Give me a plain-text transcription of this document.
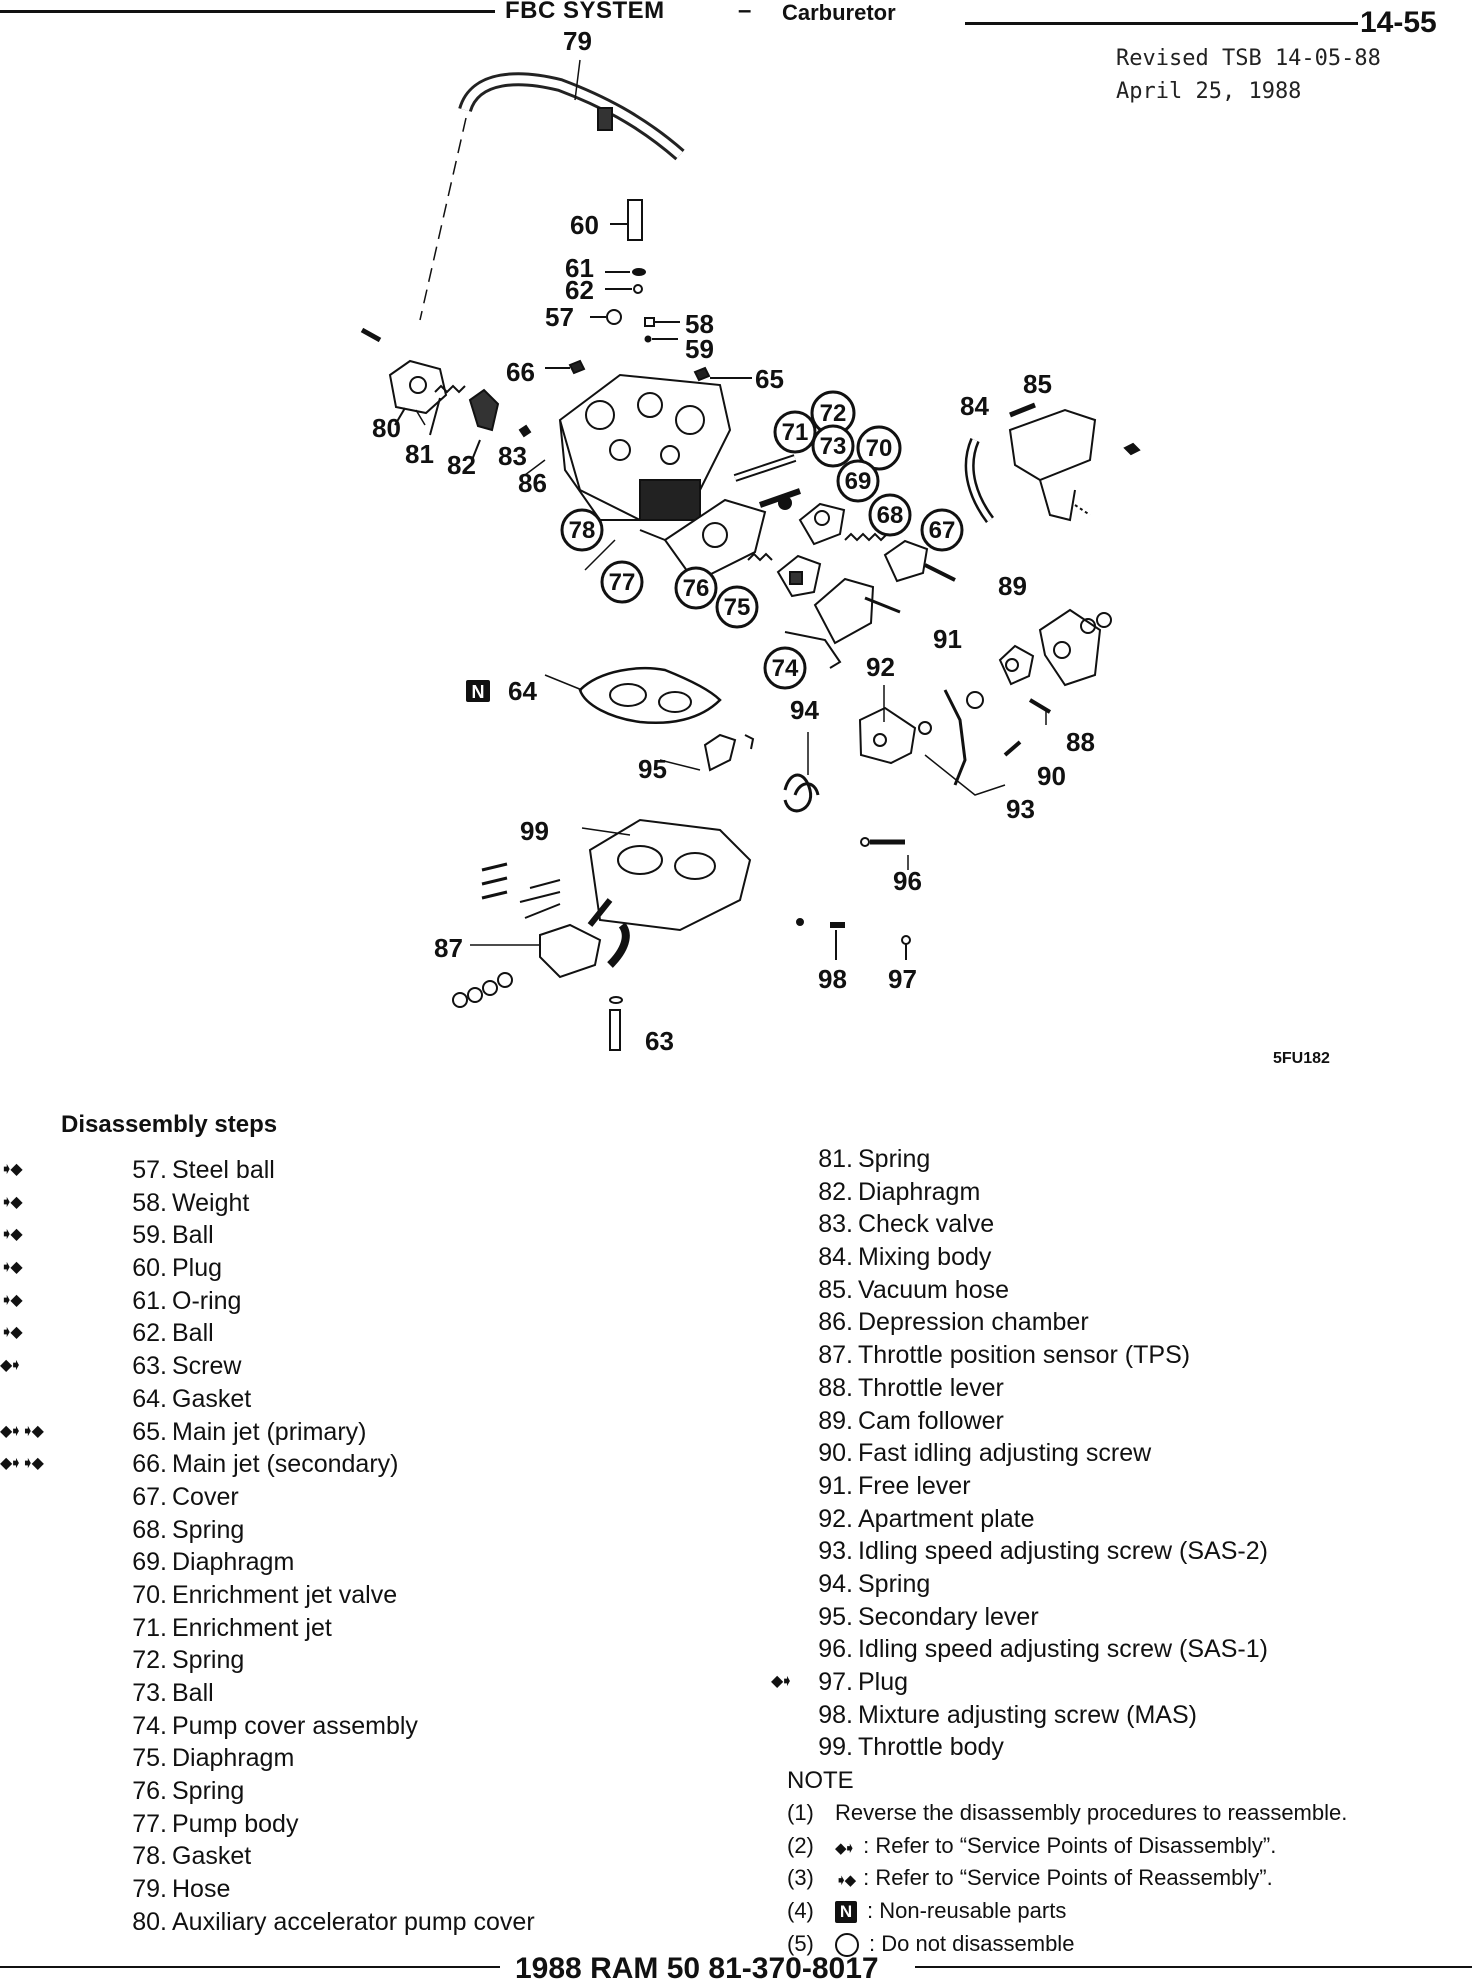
FBC SYSTEM	– Carburetor	14-55
Revised TSB 14-05-88
April 25, 1988
72
71
73 70
69
68
67
78
77 76
75
74
79
60
61
62
57	58
59
66	65
84
85
80
81 82 83
86
89
91
92
64
94
88
95	90
93
99
96
87
98 97
63
N
5FU182
Disassembly steps
➧◆	57. Steel ball
➧◆	58. Weight
➧◆	59. Ball
➧◆	60. Plug
➧◆	61. O-ring
➧◆	62. Ball
◆➧	63. Screw
64. Gasket
◆➧ ➧◆	65. Main jet (primary)
◆➧ ➧◆	66. Main jet (secondary)
67. Cover
68. Spring
69. Diaphragm
70. Enrichment jet valve
71. Enrichment jet
72. Spring
73. Ball
74. Pump cover assembly
75. Diaphragm
76. Spring
77. Pump body
78. Gasket
79. Hose
80. Auxiliary accelerator pump cover
81. Spring
82. Diaphragm
83. Check valve
84. Mixing body
85. Vacuum hose
86. Depression chamber
87. Throttle position sensor (TPS)
88. Throttle lever
89. Cam follower
90. Fast idling adjusting screw
91. Free lever
92. Apartment plate
93. Idling speed adjusting screw (SAS-2)
94. Spring
95. Secondary lever
96. Idling speed adjusting screw (SAS-1)
◆➧	97. Plug
98. Mixture adjusting screw (MAS)
99. Throttle body
NOTE
(1) Reverse the disassembly procedures to reassemble.
(2) ◆➧ : Refer to “Service Points of Disassembly”.
(3) ➧◆ : Refer to “Service Points of Reassembly”.
(4) N : Non-reusable parts
(5)	: Do not disassemble
1988 RAM 50 81-370-8017
